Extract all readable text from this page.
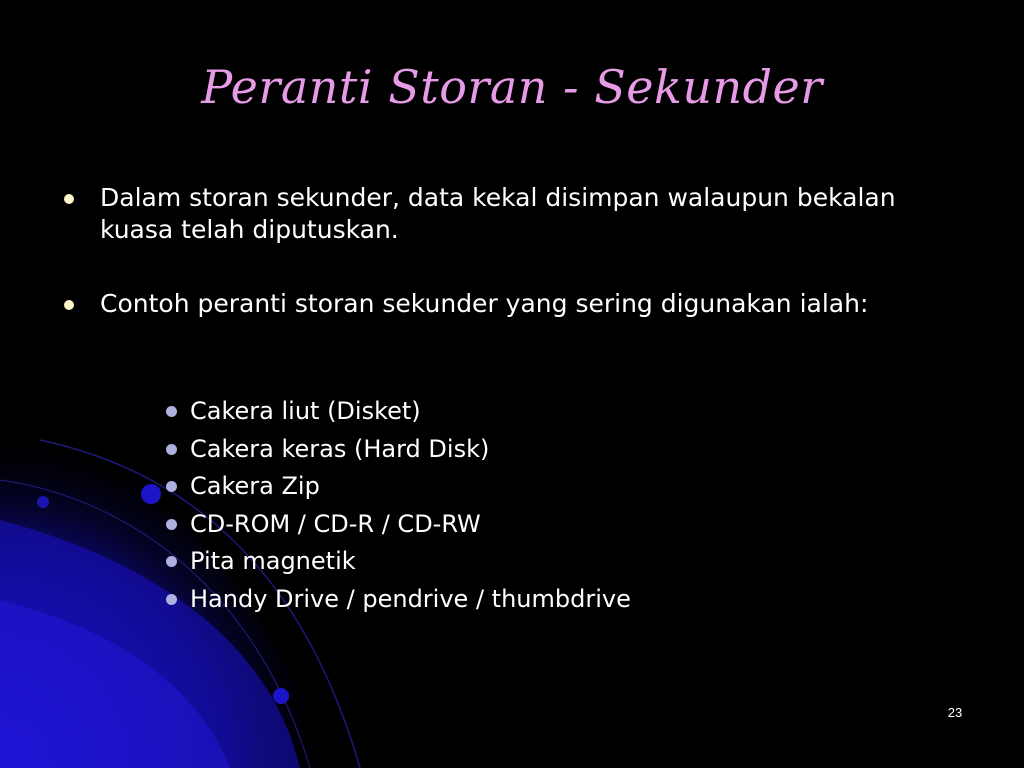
Peranti Storan - Sekunder
Dalam storan sekunder, data kekal disimpan walaupun bekalan kuasa telah diputuskan.
Contoh peranti storan sekunder yang sering digunakan ialah:
Cakera liut (Disket)
Cakera keras (Hard Disk)
Cakera Zip
CD-ROM / CD-R / CD-RW
Pita magnetik
Handy Drive / pendrive / thumbdrive
23
